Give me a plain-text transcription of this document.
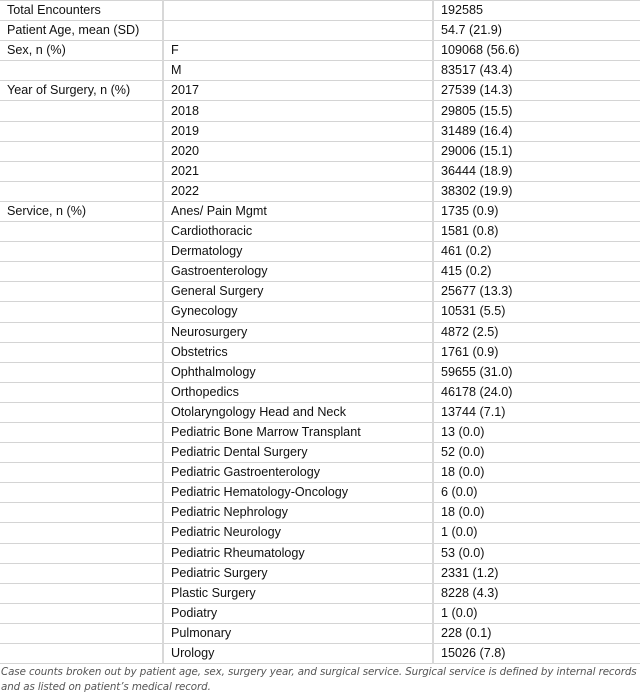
Total Encounters		192585
Patient Age, mean (SD)		54.7 (21.9)
Sex, n (%)	F	109068 (56.6)
	M	83517 (43.4)
Year of Surgery, n (%)	2017	27539 (14.3)
	2018	29805 (15.5)
	2019	31489 (16.4)
	2020	29006 (15.1)
	2021	36444 (18.9)
	2022	38302 (19.9)
Service, n (%)	Anes/ Pain Mgmt	1735 (0.9)
	Cardiothoracic	1581 (0.8)
	Dermatology	461 (0.2)
	Gastroenterology	415 (0.2)
	General Surgery	25677 (13.3)
	Gynecology	10531 (5.5)
	Neurosurgery	4872 (2.5)
	Obstetrics	1761 (0.9)
	Ophthalmology	59655 (31.0)
	Orthopedics	46178 (24.0)
	Otolaryngology Head and Neck	13744 (7.1)
	Pediatric Bone Marrow Transplant	13 (0.0)
	Pediatric Dental Surgery	52 (0.0)
	Pediatric Gastroenterology	18 (0.0)
	Pediatric Hematology-Oncology	6 (0.0)
	Pediatric Nephrology	18 (0.0)
	Pediatric Neurology	1 (0.0)
	Pediatric Rheumatology	53 (0.0)
	Pediatric Surgery	2331 (1.2)
	Plastic Surgery	8228 (4.3)
	Podiatry	1 (0.0)
	Pulmonary	228 (0.1)
	Urology	15026 (7.8)
Case counts broken out by patient age, sex, surgery year, and surgical service. Surgical service is defined by internal records and as listed on patient’s medical record.
